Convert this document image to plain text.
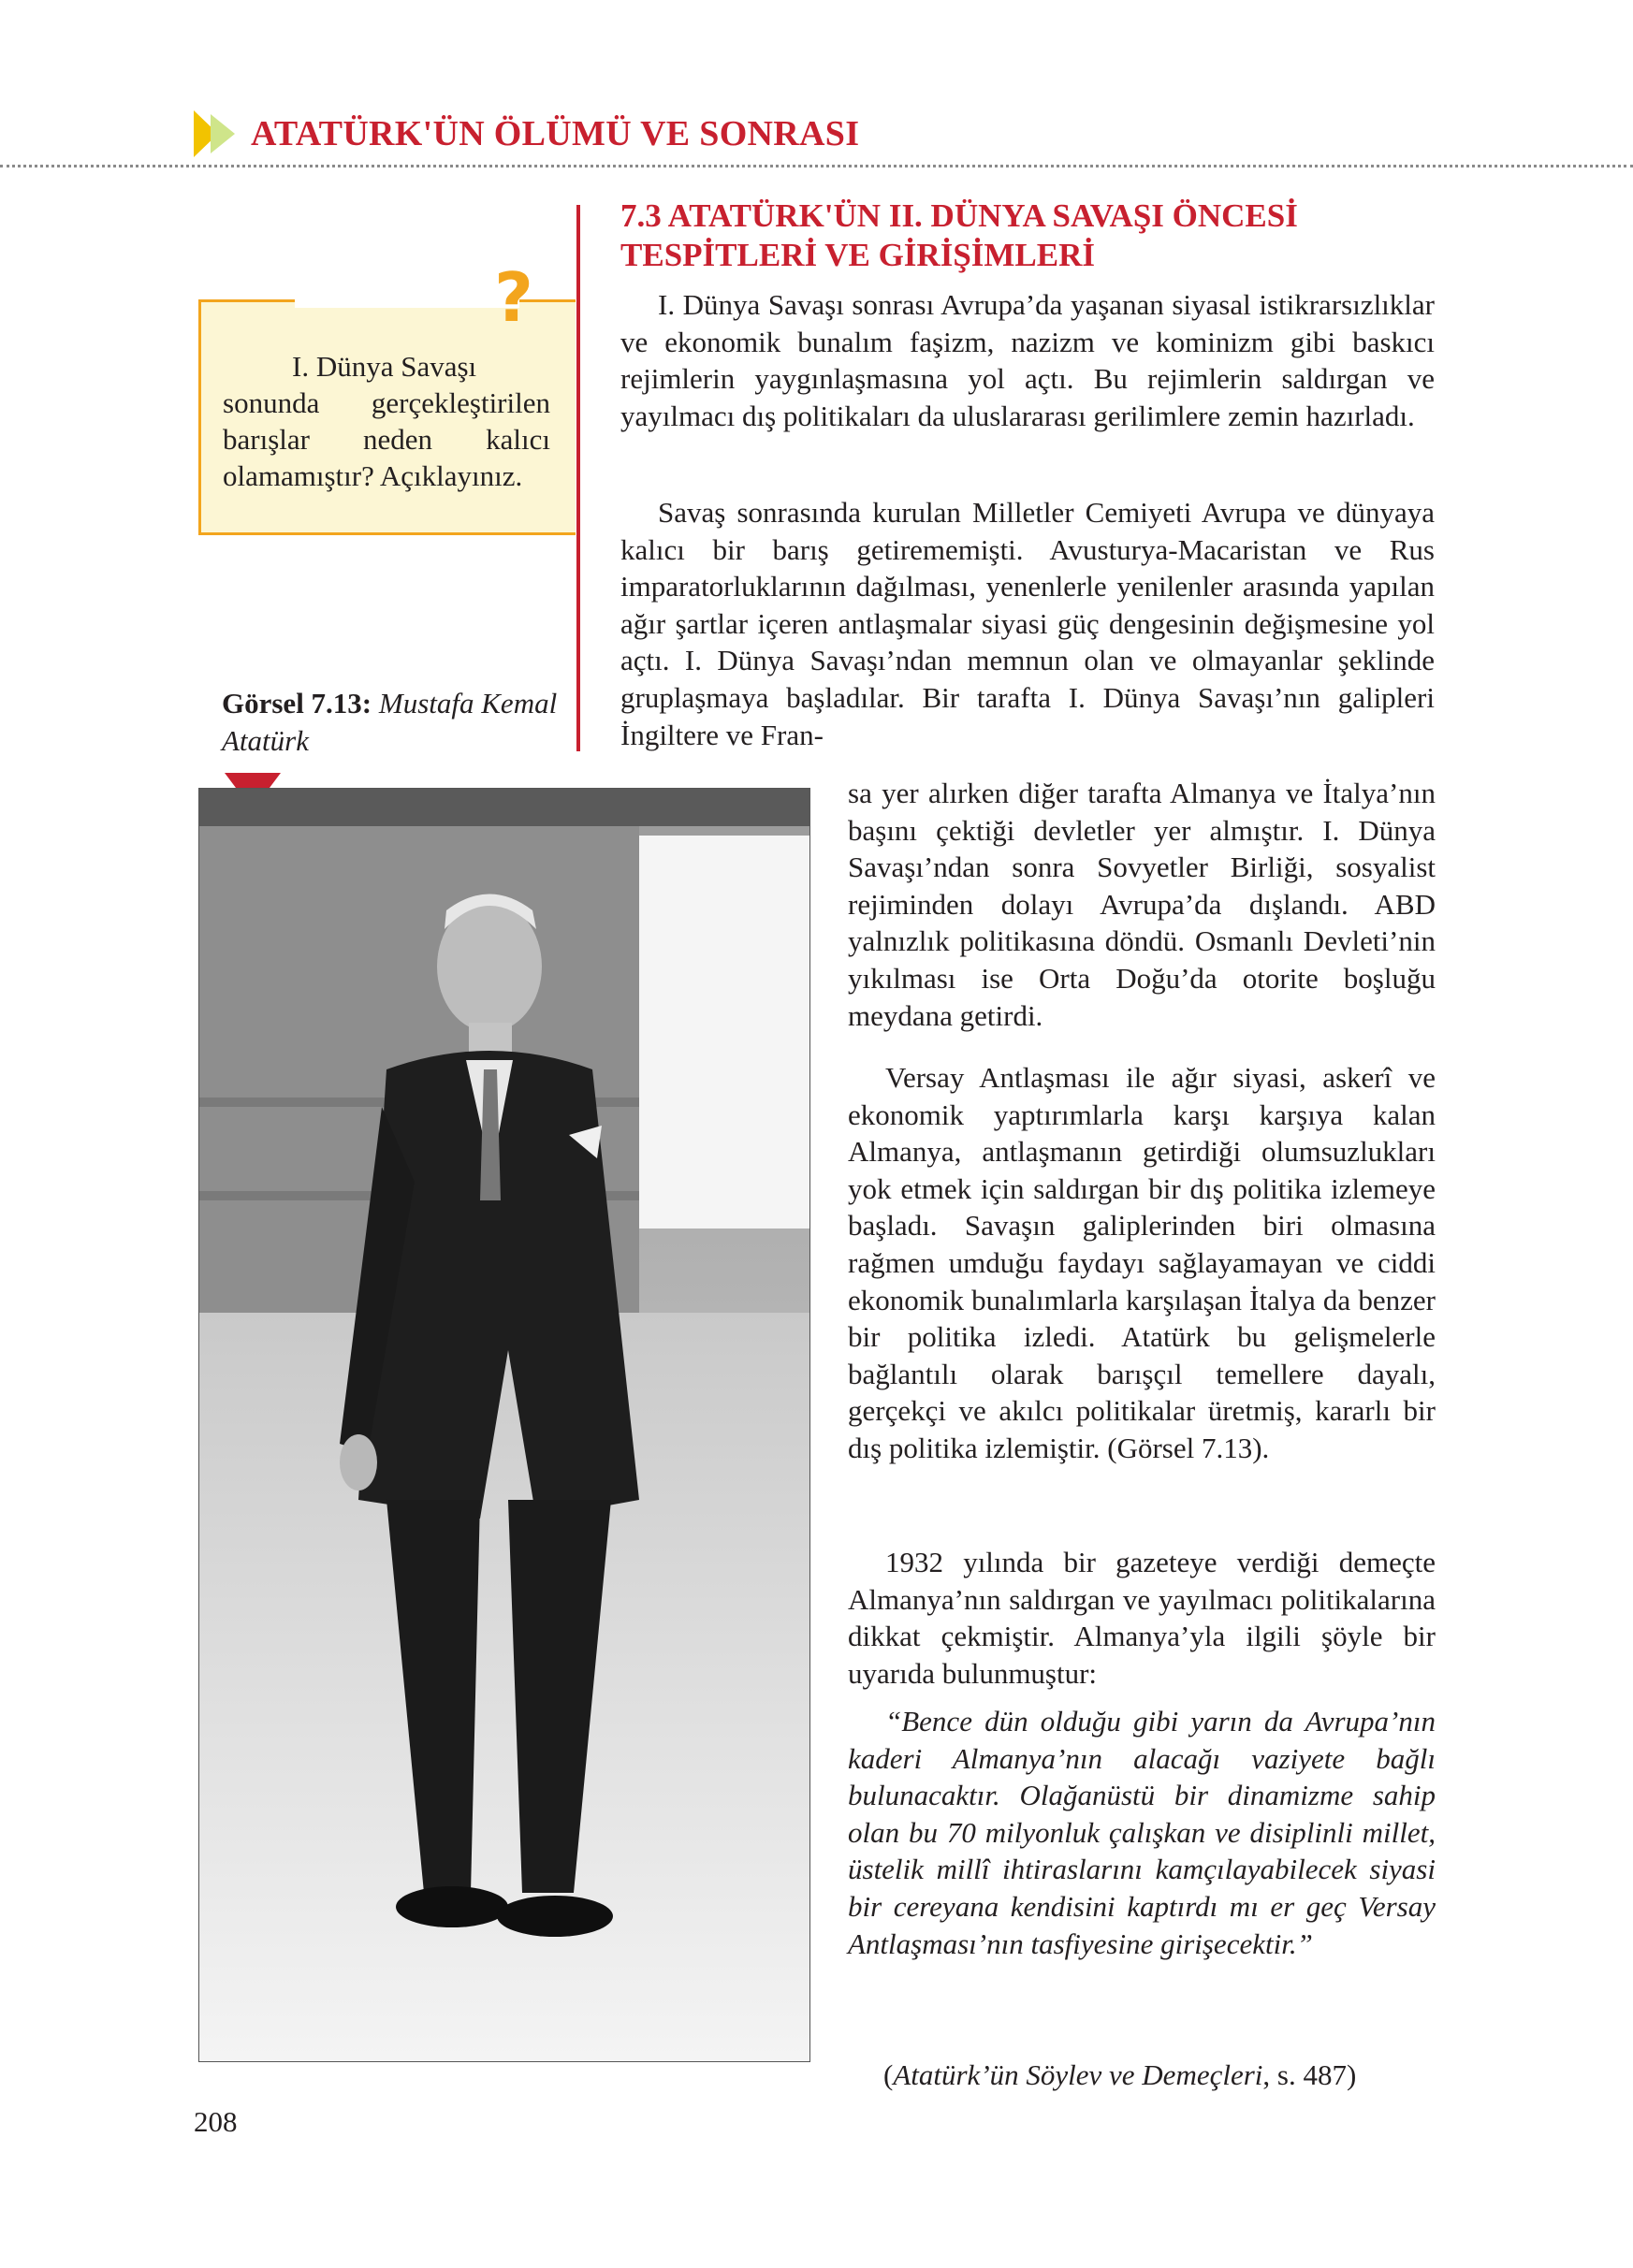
ATATÜRK'ÜN ÖLÜMÜ VE SONRASI
?
I. Dünya Savaşı
sonunda gerçekleştirilen barışlar neden kalıcı olamamıştır? Açıklayınız.
Görsel 7.13: Mustafa Kemal Atatürk
7.3 ATATÜRK'ÜN II. DÜNYA SAVAŞI ÖNCESİ TESPİTLERİ VE GİRİŞİMLERİ

I. Dünya Savaşı sonrası Avrupa’da yaşanan siyasal istikrarsızlıklar ve ekonomik bunalım faşizm, nazizm ve kominizm gibi baskıcı rejimlerin yaygınlaşmasına yol açtı. Bu rejimlerin saldırgan ve yayılmacı dış politikaları da uluslararası gerilimlere zemin hazırladı.

Savaş sonrasında kurulan Milletler Cemiyeti Avrupa ve dünyaya kalıcı bir barış getirememişti. Avusturya-Macaristan ve Rus imparatorluklarının dağılması, yenenlerle yenilenler arasında yapılan ağır şartlar içeren antlaşmalar siyasi güç dengesinin değişmesine yol açtı. I. Dünya Savaşı’ndan memnun olan ve olmayanlar şeklinde gruplaşmaya başladılar. Bir tarafta I. Dünya Savaşı’nın galipleri İngiltere ve Fran-

sa yer alırken diğer tarafta Almanya ve İtalya’nın başını çektiği devletler yer almıştır. I. Dünya Savaşı’ndan sonra Sovyetler Birliği, sosyalist rejiminden dolayı Avrupa’da dışlandı. ABD yalnızlık politikasına döndü. Osmanlı Devleti’nin yıkılması ise Orta Doğu’da otorite boşluğu meydana getirdi.

Versay Antlaşması ile ağır siyasi, askerî ve ekonomik yaptırımlarla karşı karşıya kalan Almanya, antlaşmanın getirdiği olumsuzlukları yok etmek için saldırgan bir dış politika izlemeye başladı. Savaşın galiplerinden biri olmasına rağmen umduğu faydayı sağlayamayan ve ciddi ekonomik bunalımlarla karşılaşan İtalya da benzer bir politika izledi. Atatürk bu gelişmelerle bağlantılı olarak barışçıl temellere dayalı, gerçekçi ve akılcı politikalar üretmiş, kararlı bir dış politika izlemiştir. (Görsel 7.13).

1932 yılında bir gazeteye verdiği demeçte Almanya’nın saldırgan ve yayılmacı politikalarına dikkat çekmiştir. Almanya’yla ilgili şöyle bir uyarıda bulunmuştur:

“Bence dün olduğu gibi yarın da Avrupa’nın kaderi Almanya’nın alacağı vaziyete bağlı bulunacaktır. Olağanüstü bir dinamizme sahip olan bu 70 milyonluk çalışkan ve disiplinli millet, üstelik millî ihtiraslarını kamçılayabilecek siyasi bir cereyana kendisini kaptırdı mı er geç Versay Antlaşması’nın tasfiyesine girişecektir.”

(Atatürk’ün Söylev ve Demeçleri, s. 487)

208
